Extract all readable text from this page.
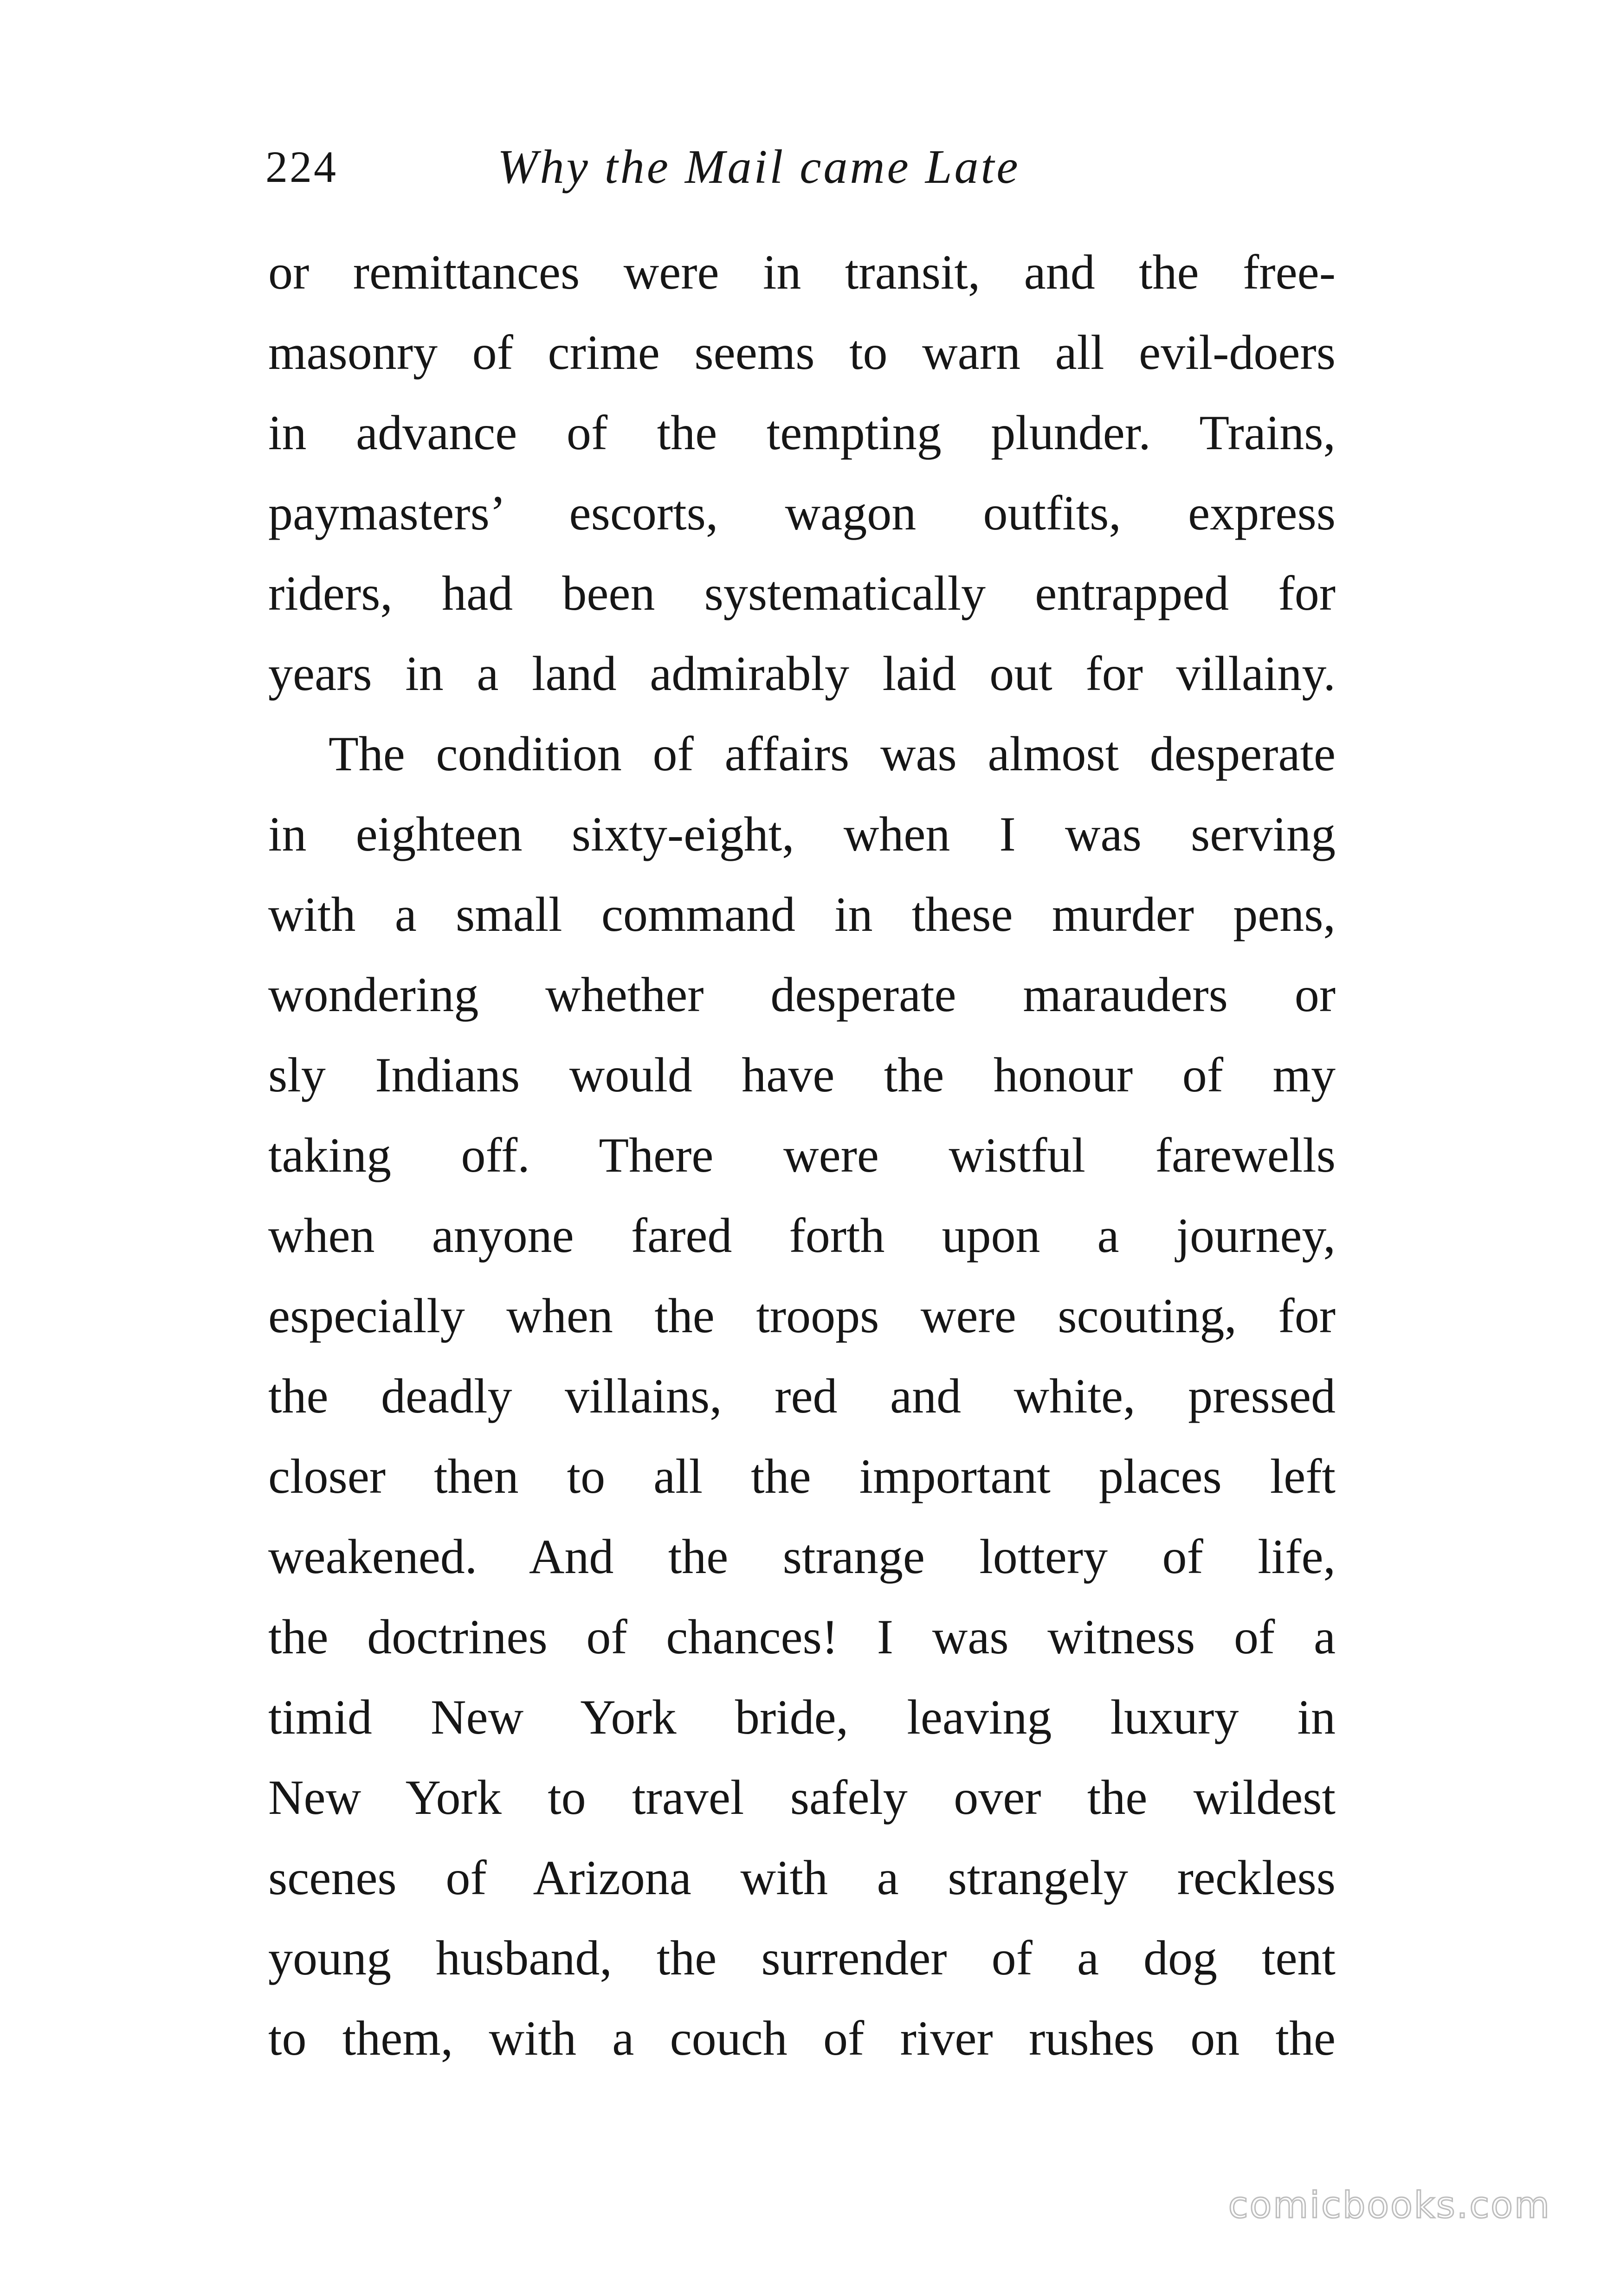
224	Why the Mail came Late
or remittances were in transit, and the free-
masonry of crime seems to warn all evil-doers
in advance of the tempting plunder. Trains,
paymasters’ escorts, wagon outfits, express
riders, had been systematically entrapped for
years in a land admirably laid out for villainy.
The condition of affairs was almost desperate
in eighteen sixty-eight, when I was serving
with a small command in these murder pens,
wondering whether desperate marauders or
sly Indians would have the honour of my
taking off. There were wistful farewells
when anyone fared forth upon a journey,
especially when the troops were scouting, for
the deadly villains, red and white, pressed
closer then to all the important places left
weakened. And the strange lottery of life,
the doctrines of chances! I was witness of a
timid New York bride, leaving luxury in
New York to travel safely over the wildest
scenes of Arizona with a strangely reckless
young husband, the surrender of a dog tent
to them, with a couch of river rushes on the
comicbooks.com
